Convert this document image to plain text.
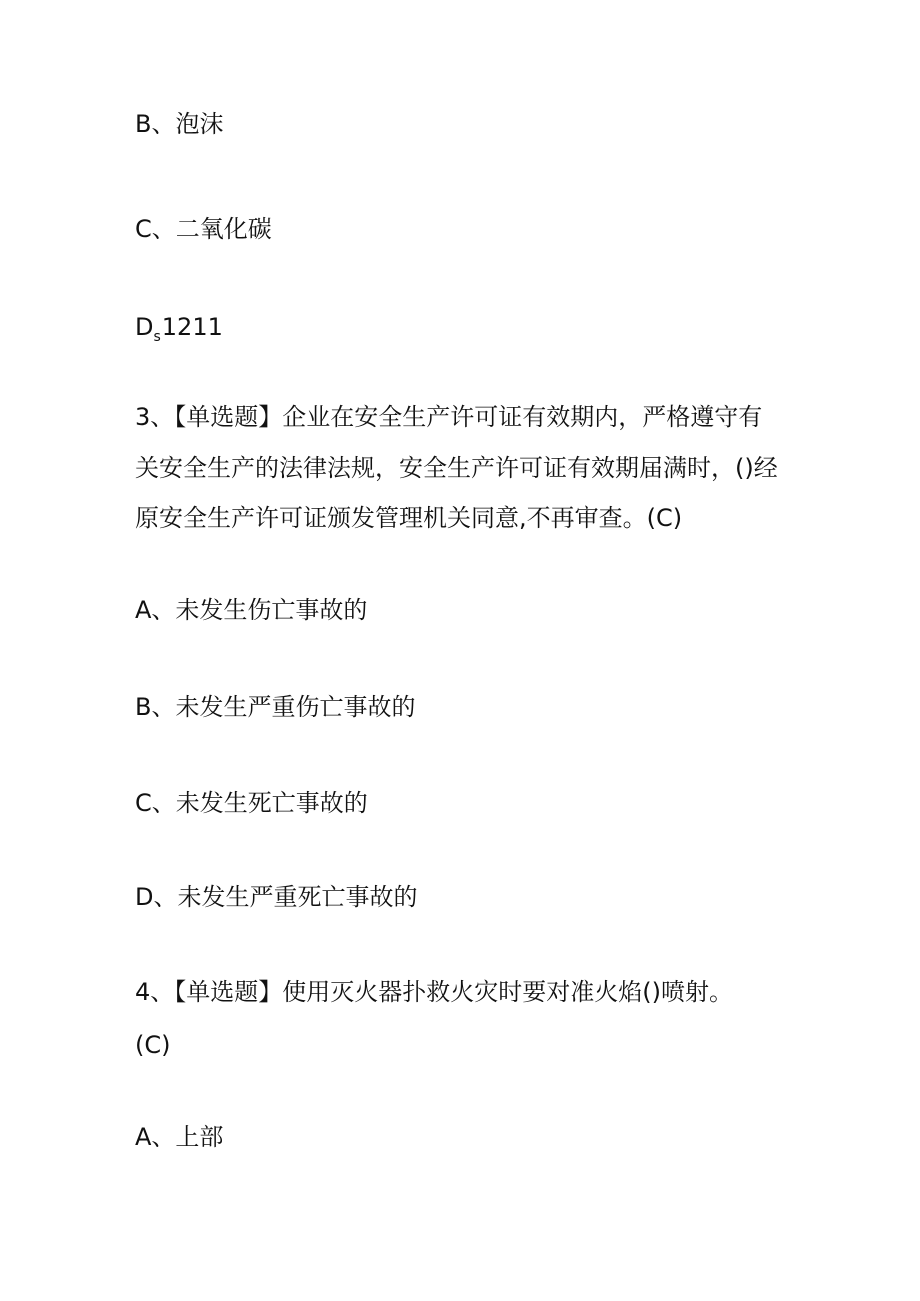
B、泡沫
C、二氧化碳
$D_s1211$
3、【单选题】企业在安全生产许可证有效期内，严格遵守有
关安全生产的法律法规，安全生产许可证有效期届满时，()经
原安全生产许可证颁发管理机关同意,不再审查。(C)
A、未发生伤亡事故的
B、未发生严重伤亡事故的
C、未发生死亡事故的
D、未发生严重死亡事故的
4、【单选题】使用灭火器扑救火灾时要对准火焰()喷射。
(C)
A、上部
